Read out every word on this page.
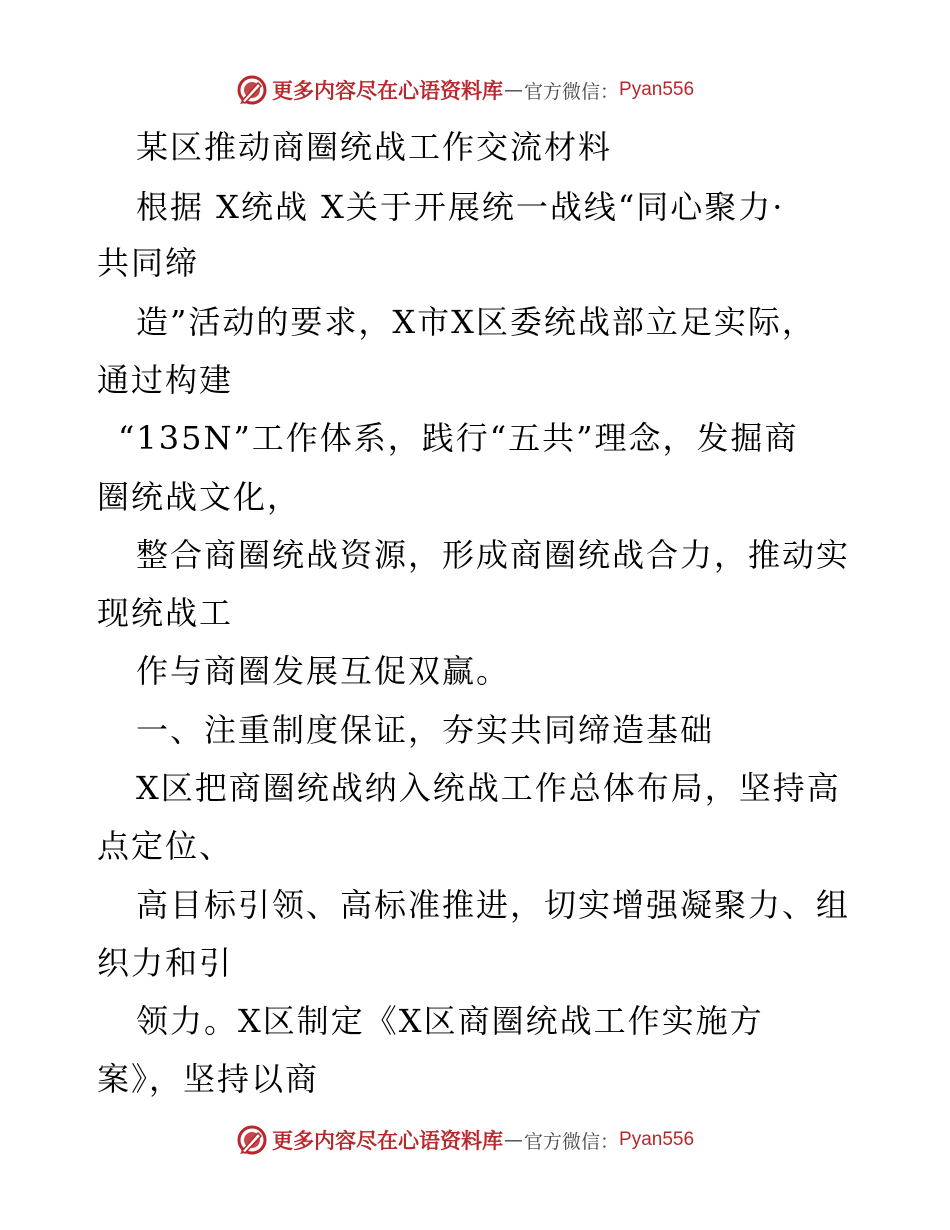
更多内容尽在心语资料库 — 官方微信： Pyan556
某区推动商圈统战工作交流材料
根据 X统战 X关于开展统一战线“同心聚力·
共同缔
造”活动的要求，X市X区委统战部立足实际，
通过构建
“135N”工作体系，践行“五共”理念，发掘商
圈统战文化，
整合商圈统战资源，形成商圈统战合力，推动实
现统战工
作与商圈发展互促双赢。
一、注重制度保证，夯实共同缔造基础
X区把商圈统战纳入统战工作总体布局，坚持高
点定位、
高目标引领、高标准推进，切实增强凝聚力、组
织力和引
领力。X区制定《X区商圈统战工作实施方
案》，坚持以商
更多内容尽在心语资料库 — 官方微信： Pyan556
